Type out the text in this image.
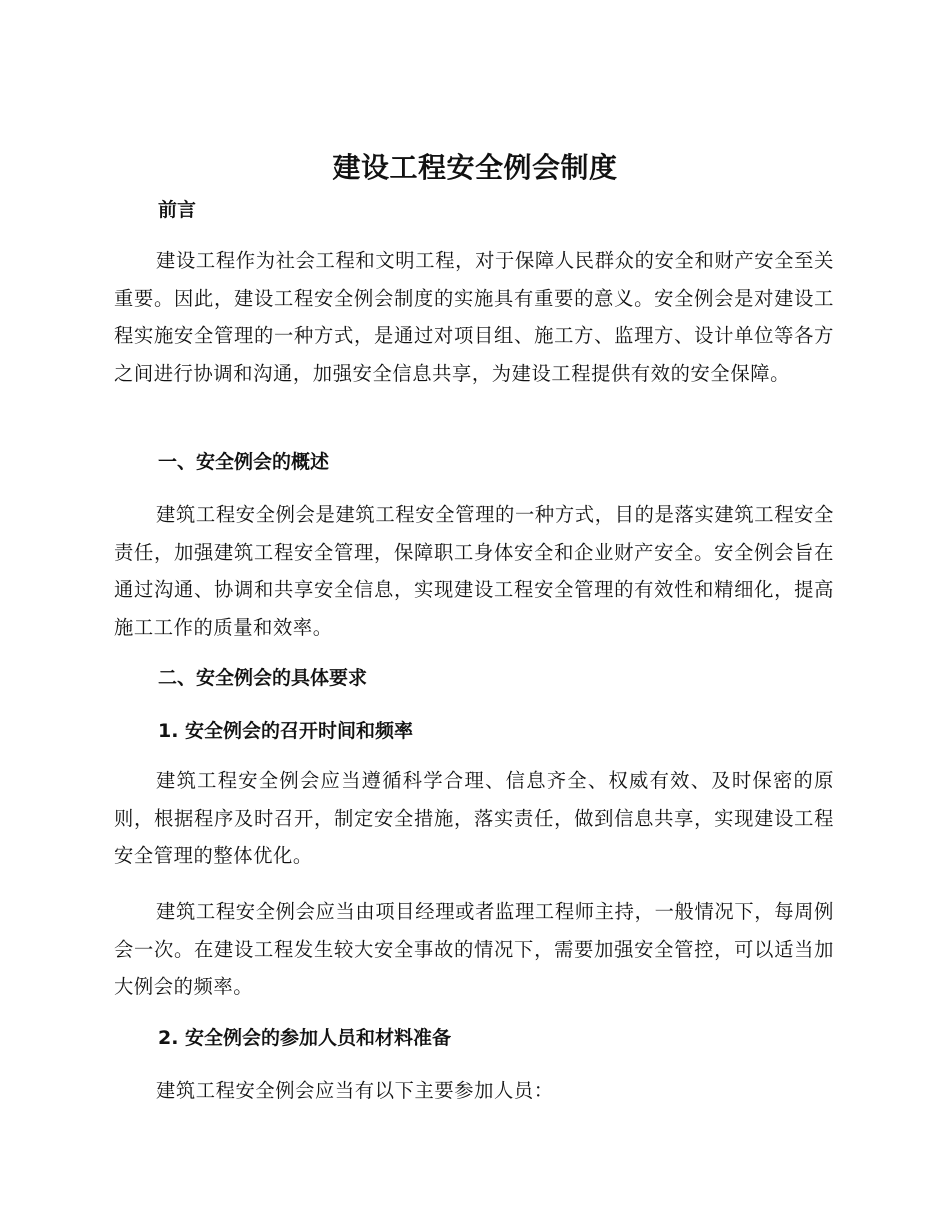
建设工程安全例会制度
前言
建设工程作为社会工程和文明工程，对于保障人民群众的安全和财产安全至关重要。因此，建设工程安全例会制度的实施具有重要的意义。安全例会是对建设工程实施安全管理的一种方式，是通过对项目组、施工方、监理方、设计单位等各方之间进行协调和沟通，加强安全信息共享，为建设工程提供有效的安全保障。
一、安全例会的概述
建筑工程安全例会是建筑工程安全管理的一种方式，目的是落实建筑工程安全责任，加强建筑工程安全管理，保障职工身体安全和企业财产安全。安全例会旨在通过沟通、协调和共享安全信息，实现建设工程安全管理的有效性和精细化，提高施工工作的质量和效率。
二、安全例会的具体要求
1. 安全例会的召开时间和频率
建筑工程安全例会应当遵循科学合理、信息齐全、权威有效、及时保密的原则，根据程序及时召开，制定安全措施，落实责任，做到信息共享，实现建设工程安全管理的整体优化。
建筑工程安全例会应当由项目经理或者监理工程师主持，一般情况下，每周例会一次。在建设工程发生较大安全事故的情况下，需要加强安全管控，可以适当加大例会的频率。
2. 安全例会的参加人员和材料准备
建筑工程安全例会应当有以下主要参加人员：
